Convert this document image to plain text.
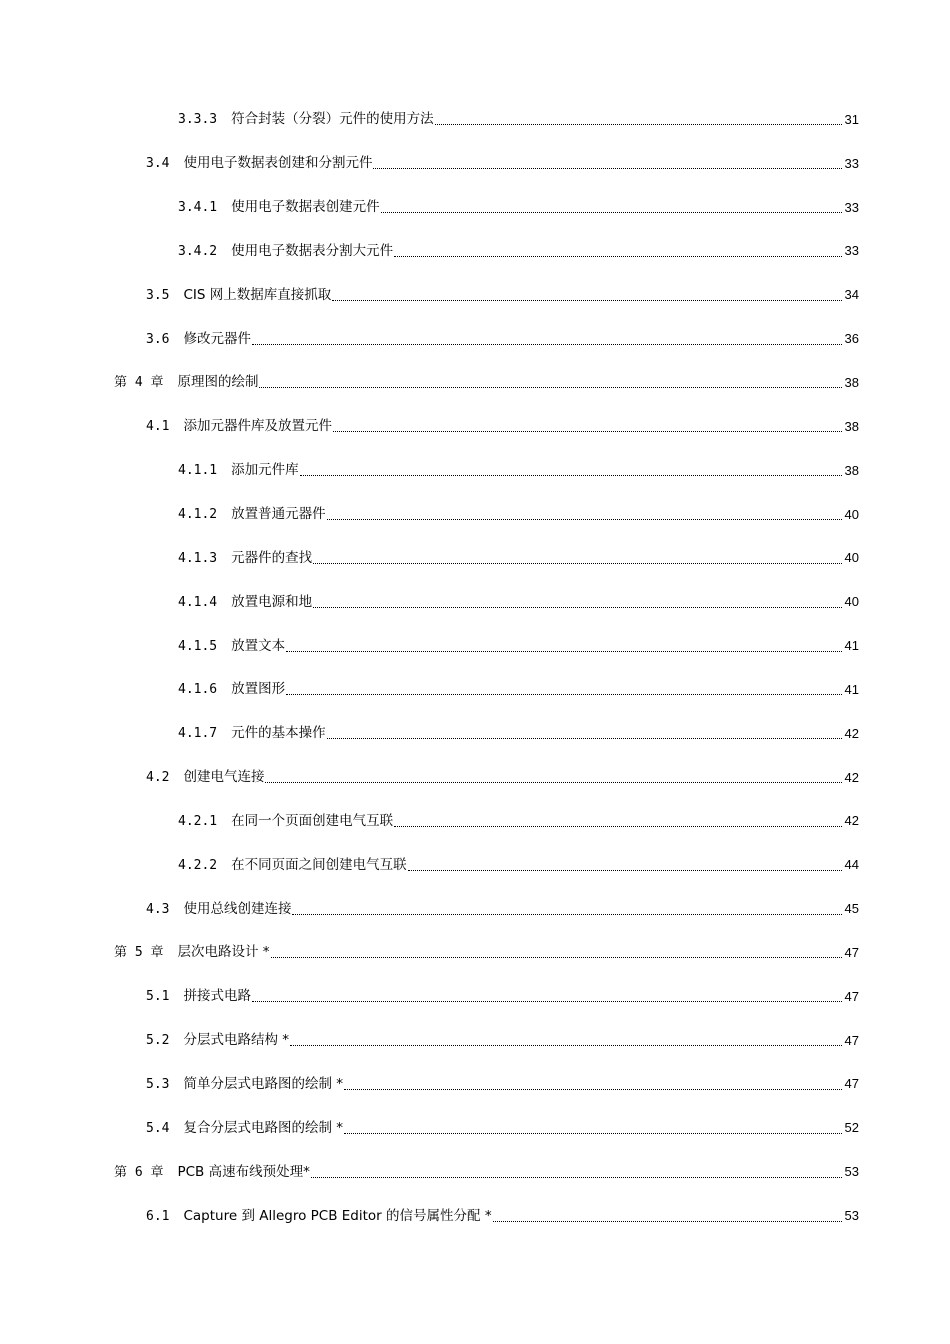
3.3.3 符合封装（分裂）元件的使用方法	31
3.4 使用电子数据表创建和分割元件	33
3.4.1 使用电子数据表创建元件	33
3.4.2 使用电子数据表分割大元件	33
3.5 CIS 网上数据库直接抓取	34
3.6 修改元器件	36
第 4 章 原理图的绘制	38
4.1 添加元器件库及放置元件	38
4.1.1 添加元件库	38
4.1.2 放置普通元器件	40
4.1.3 元器件的查找	40
4.1.4 放置电源和地	40
4.1.5 放置文本	41
4.1.6 放置图形	41
4.1.7 元件的基本操作	42
4.2 创建电气连接	42
4.2.1 在同一个页面创建电气互联	42
4.2.2 在不同页面之间创建电气互联	44
4.3 使用总线创建连接	45
第 5 章 层次电路设计 *	47
5.1 拼接式电路	47
5.2 分层式电路结构 *	47
5.3 简单分层式电路图的绘制 *	47
5.4 复合分层式电路图的绘制 *	52
第 6 章 PCB 高速布线预处理*	53
6.1 Capture 到 Allegro PCB Editor 的信号属性分配 *	53
